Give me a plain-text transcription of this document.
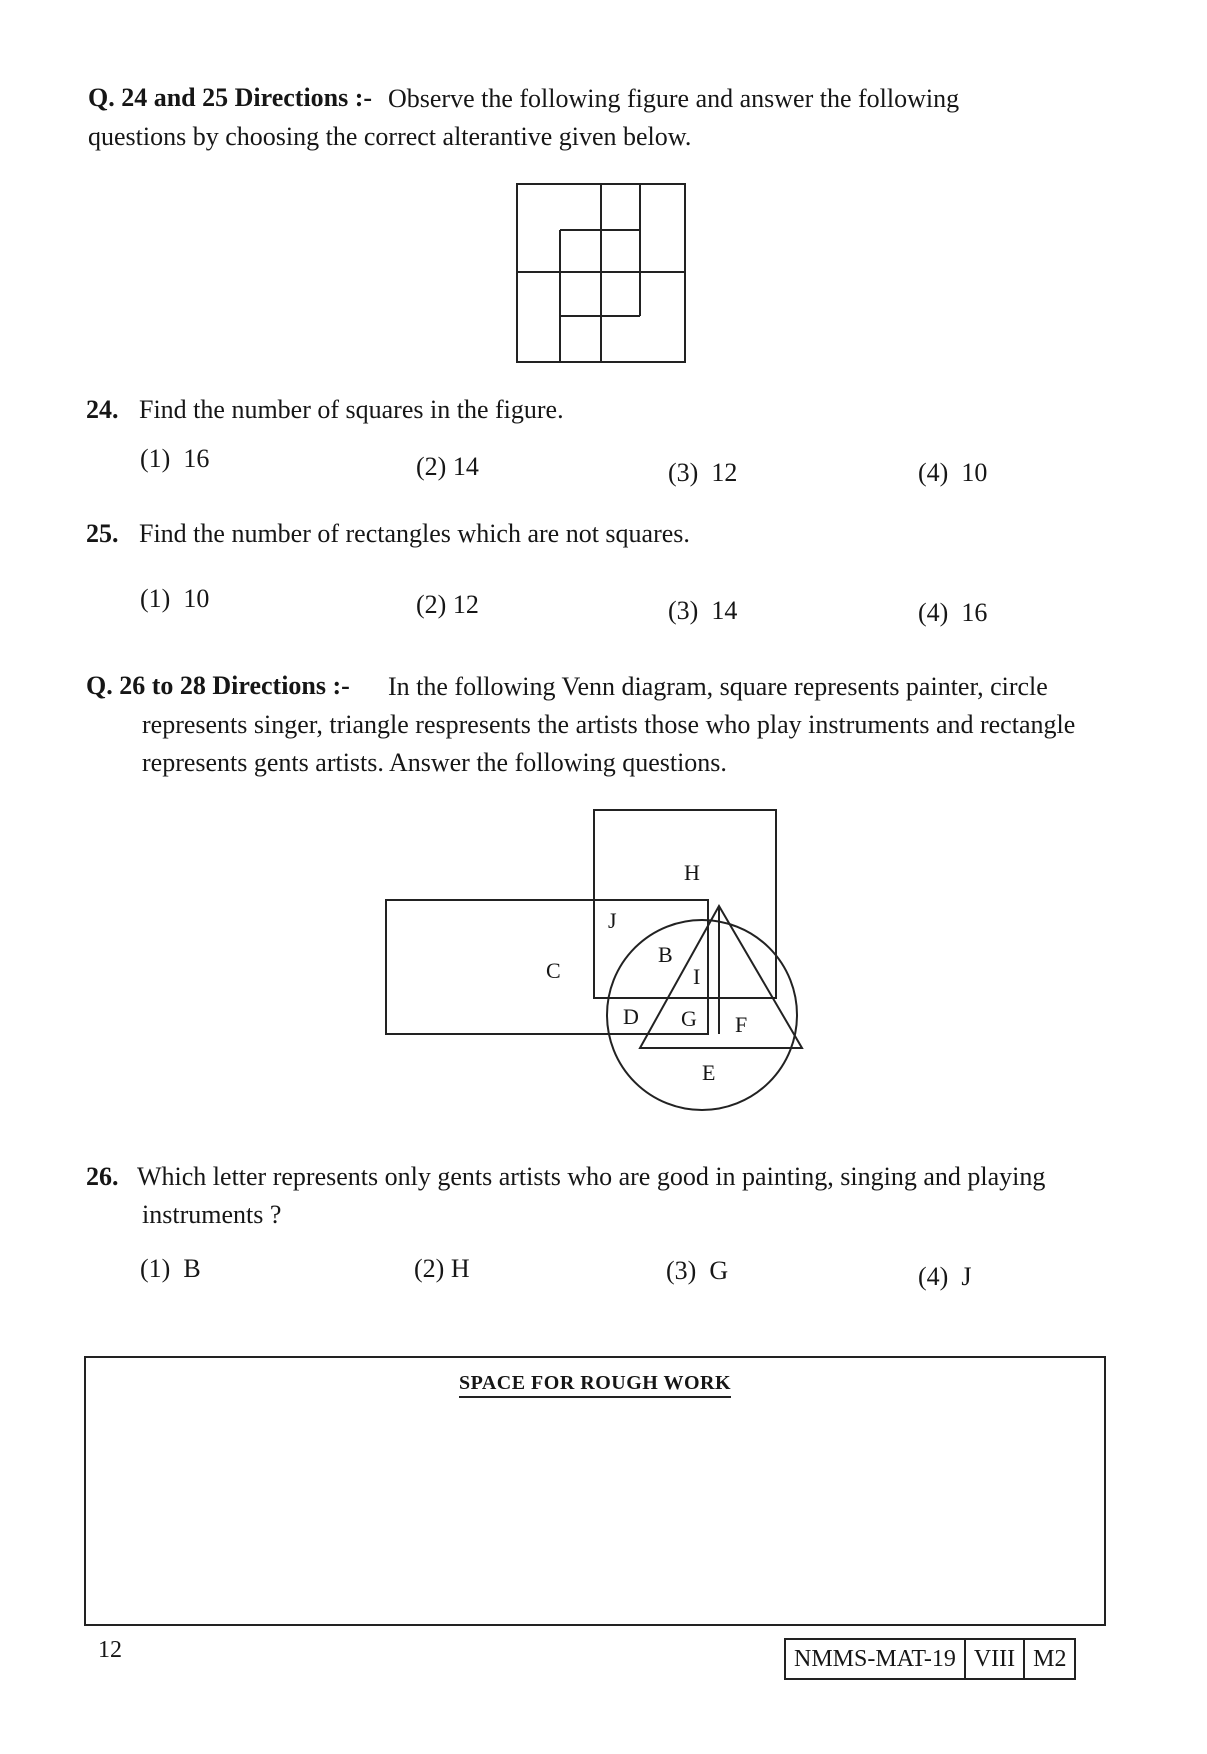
Q. 24 and 25 Directions :- Observe the following figure and answer the following questions by choosing the correct alterantive given below.
24. Find the number of squares in the figure.
(1)  16	(2) 14	(3)  12	(4)  10
25. Find the number of rectangles which are not squares.
(1)  10	(2) 12	(3)  14	(4)  16
Q. 26 to 28 Directions :-	In the following Venn diagram, square represents painter, circle represents singer, triangle respresents the artists those who play instruments and rectangle represents gents artists. Answer the following questions.
H
J
C
B
I
D G F
E
26. Which letter represents only gents artists who are good in painting, singing and playing instruments ?
(1)  B	(2) H	(3)  G	(4)  J
SPACE FOR ROUGH WORK
12	NMMS-MAT-19 VIII M2
